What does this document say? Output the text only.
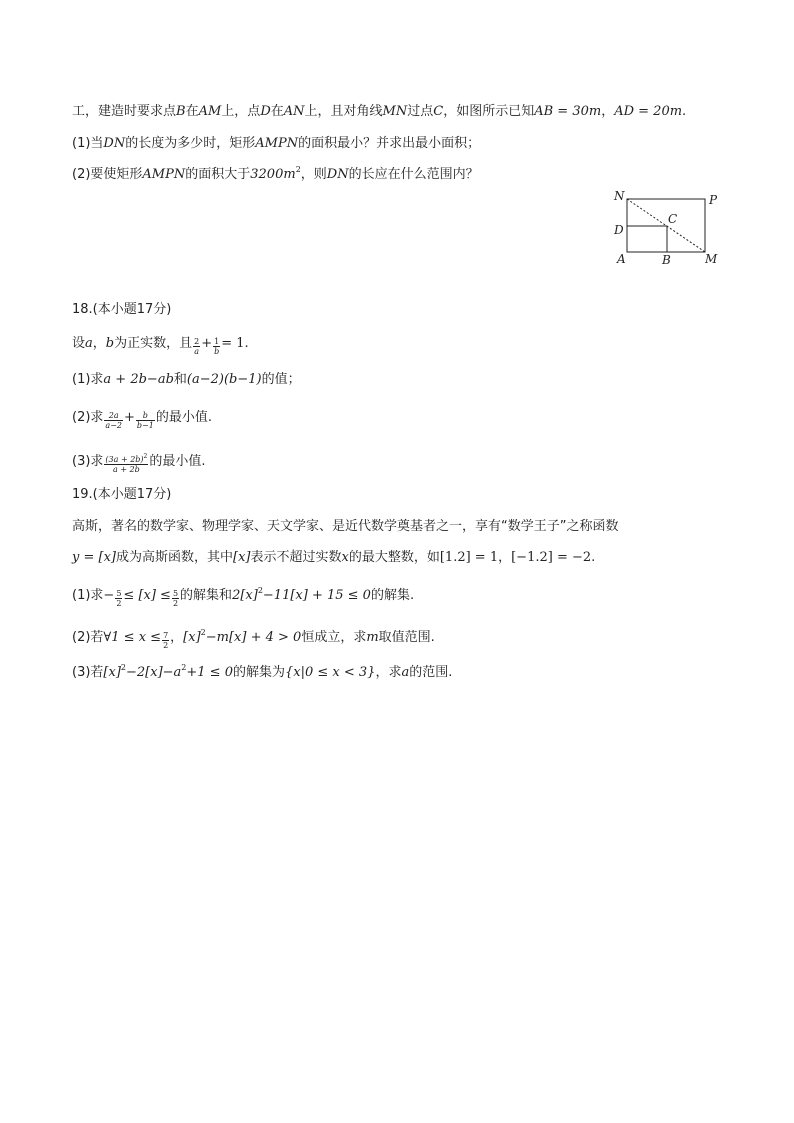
工，建造时要求点B在AM上，点D在AN上，且对角线MN过点C，如图所示已知AB = 30m，AD = 20m.
(1)当DN的长度为多少时，矩形AMPN的面积最小？并求出最小面积；
(2)要使矩形AMPN的面积大于$3200m^2$，则DN的长应在什么范围内？
N	P
C
D
A	B	M
18.(本小题17分)
设a，b为正实数，且 $\frac{2}{a} + \frac{1}{b} = 1$.
(1)求a + 2b−ab和(a−2)(b−1)的值；
(2)求 $\frac{2a}{a-2} + \frac{b}{b-1}$ 的最小值.
(3)求 $\frac{(3a + 2b)^2}{a + 2b}$ 的最小值.
19.(本小题17分)
高斯，著名的数学家、物理学家、天文学家、是近代数学奠基者之一，享有“数学王子”之称函数
y = [x]成为高斯函数，其中[x]表示不超过实数x的最大整数，如[1.2] = 1，[−1.2] = −2.
(1)求− $\frac{5}{2} \le [x] \le \frac{5}{2}$ 的解集和$2[x]^2-11[x] + 15 \le 0$的解集.
(2)若∀1 ≤ $x \le \frac{7}{2}$ ，$[x]^2-m[x] + 4 > 0$恒成立，求m取值范围.
(3)若$[x]^2-2[x]-a^2+1 \le 0$的解集为{x|0 ≤ x < 3}，求a的范围.
